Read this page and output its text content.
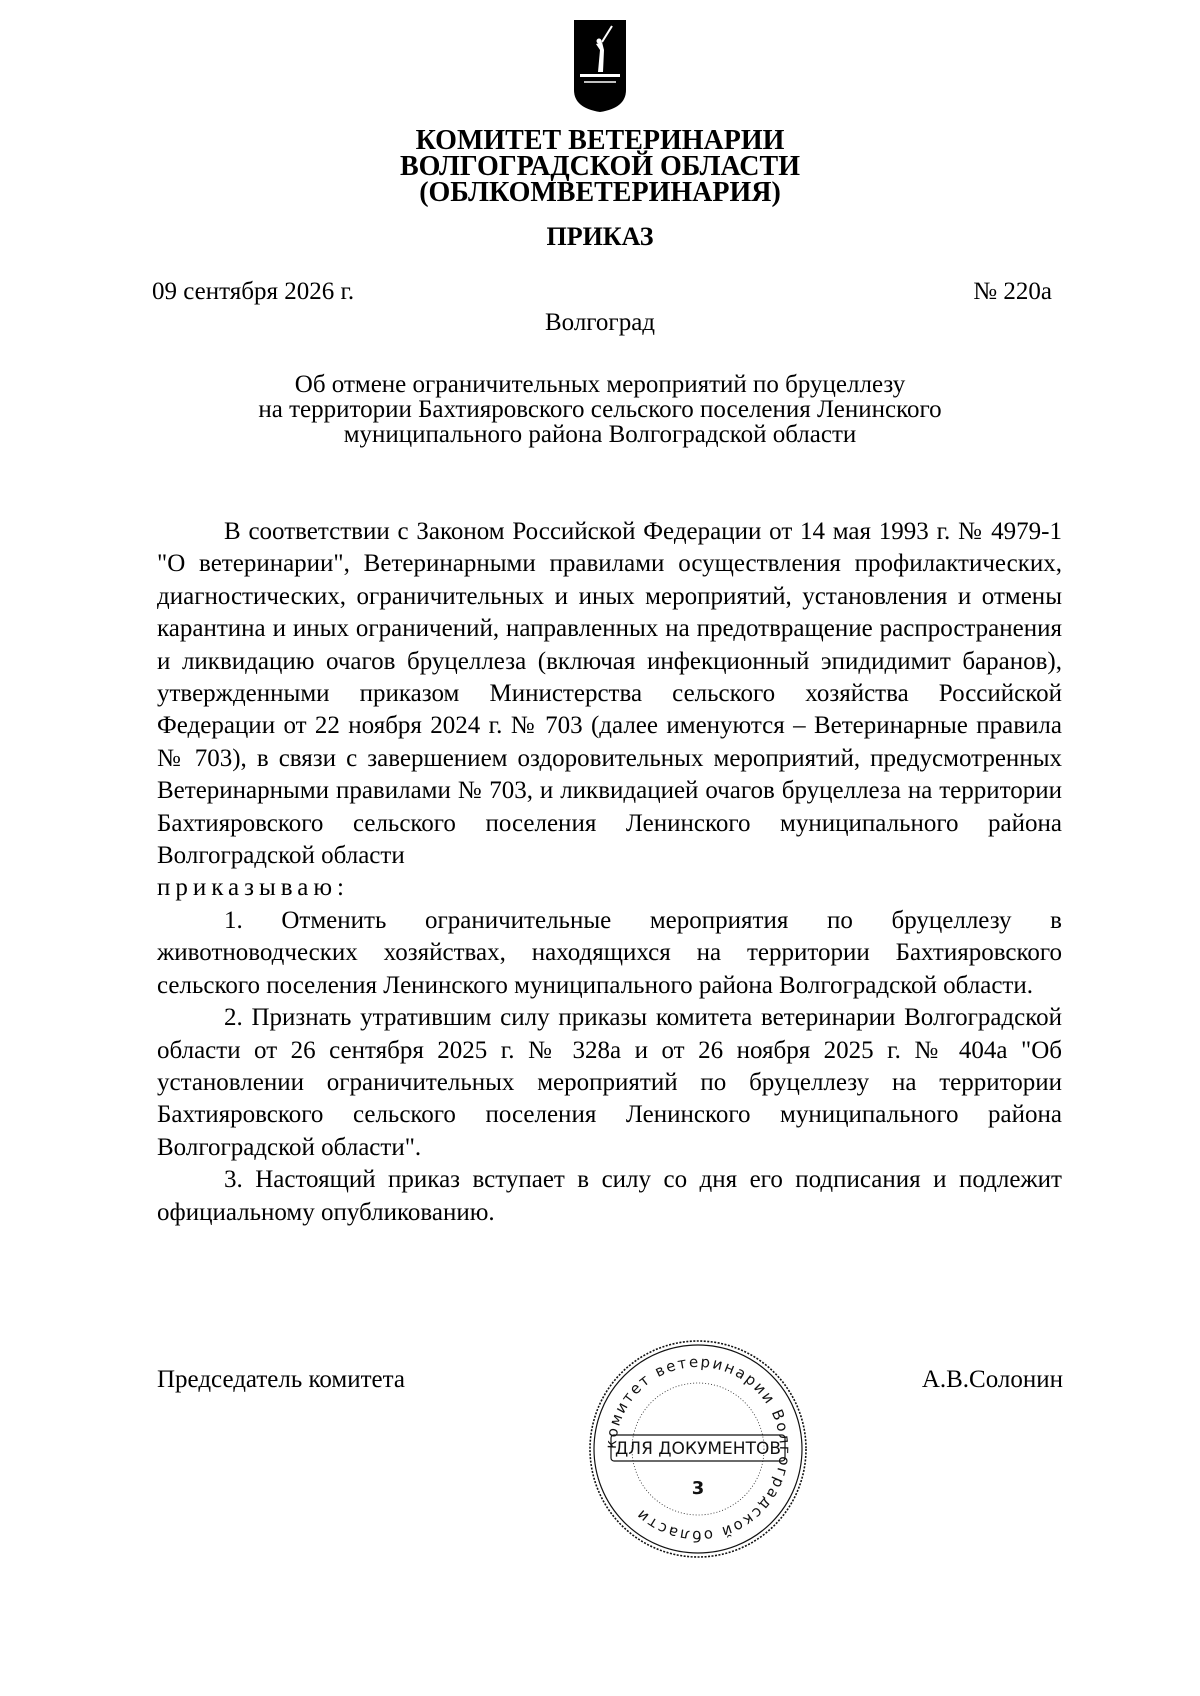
КОМИТЕТ ВЕТЕРИНАРИИ
ВОЛГОГРАДСКОЙ ОБЛАСТИ
(ОБЛКОМВЕТЕРИНАРИЯ)
ПРИКАЗ
09 сентября 2026 г.	№ 220а
Волгоград
Об отмене ограничительных мероприятий по бруцеллезу
на территории Бахтияровского сельского поселения Ленинского
муниципального района Волгоградской области

В соответствии с Законом Российской Федерации от 14 мая 1993 г. № 4979-1 "О ветеринарии", Ветеринарными правилами осуществления профилактических, диагностических, ограничительных и иных мероприятий, установления и отмены карантина и иных ограничений, направленных на предотвращение распространения и ликвидацию очагов бруцеллеза (включая инфекционный эпидидимит баранов), утвержденными приказом Министерства сельского хозяйства Российской Федерации от 22 ноября 2024 г. № 703 (далее именуются – Ветеринарные правила № 703), в связи с завершением оздоровительных мероприятий, предусмотренных Ветеринарными правилами № 703, и ликвидацией очагов бруцеллеза на территории Бахтияровского сельского поселения Ленинского муниципального района Волгоградской области

приказываю:

1. Отменить ограничительные мероприятия по бруцеллезу в животноводческих хозяйствах, находящихся на территории Бахтияровского сельского поселения Ленинского муниципального района Волгоградской области.

2. Признать утратившим силу приказы комитета ветеринарии Волгоградской области от 26 сентября 2025 г. № 328а и от 26 ноября 2025 г. № 404а "Об установлении ограничительных мероприятий по бруцеллезу на территории Бахтияровского сельского поселения Ленинского муниципального района Волгоградской области".

3. Настоящий приказ вступает в силу со дня его подписания и подлежит официальному опубликованию.

Председатель комитета	А.В.Солонин
комитет ветеринарии Волгоградской области
ДЛЯ ДОКУМЕНТОВ
3
